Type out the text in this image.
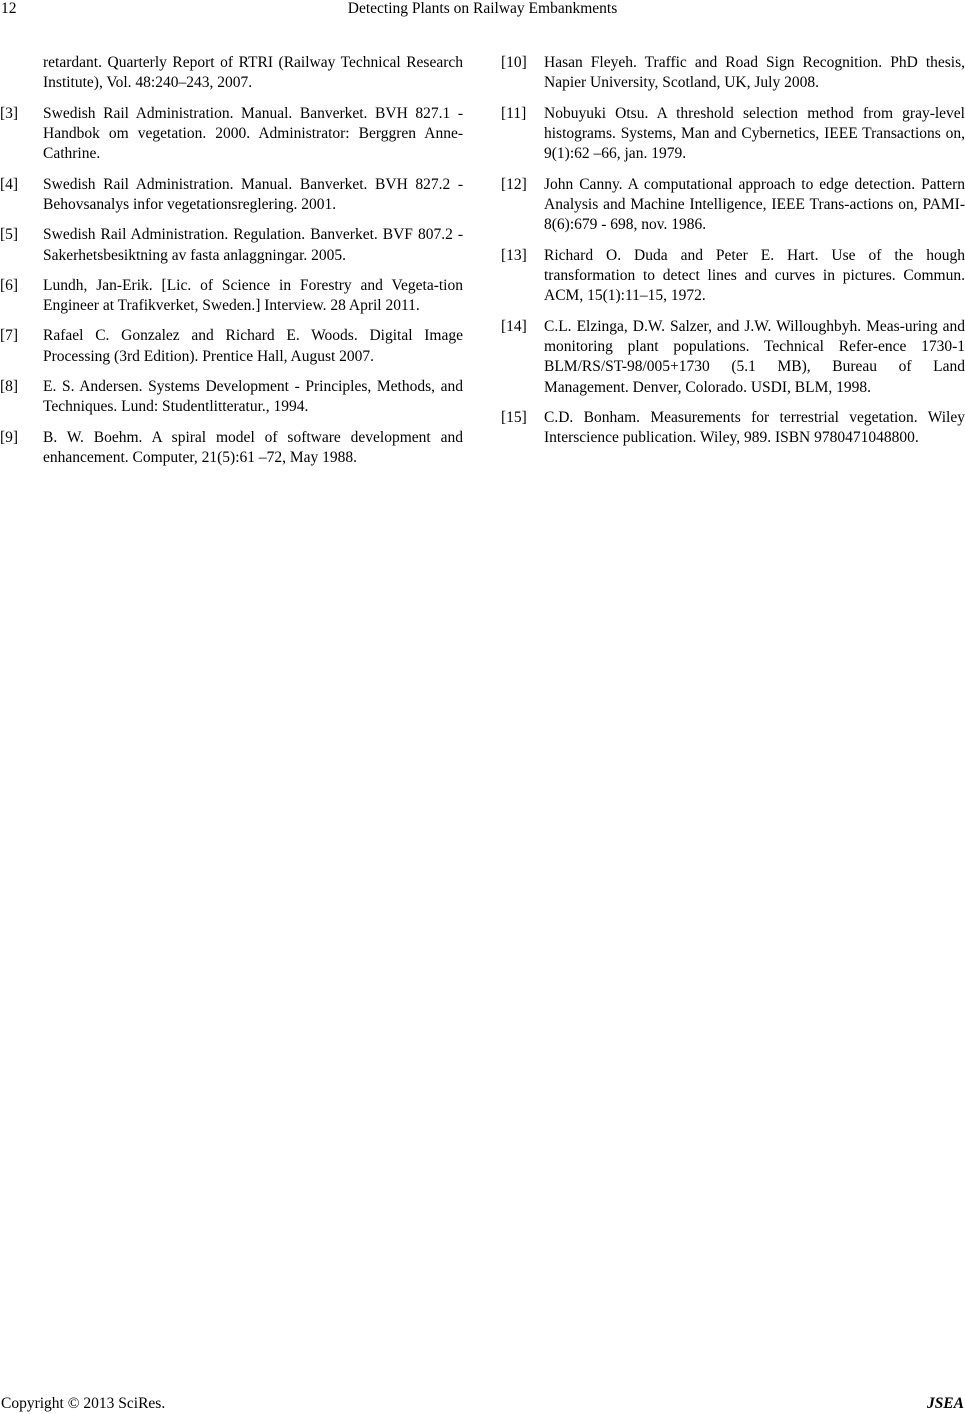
12	Detecting Plants on Railway Embankments
retardant. Quarterly Report of RTRI (Railway Technical Research Institute), Vol. 48:240–243, 2007.
[3] Swedish Rail Administration. Manual. Banverket. BVH 827.1 - Handbok om vegetation. 2000. Administrator: Berggren Anne-Cathrine.
[4] Swedish Rail Administration. Manual. Banverket. BVH 827.2 - Behovsanalys infor vegetationsreglering. 2001.
[5] Swedish Rail Administration. Regulation. Banverket. BVF 807.2 - Sakerhetsbesiktning av fasta anlaggningar. 2005.
[6] Lundh, Jan-Erik. [Lic. of Science in Forestry and Vegeta-tion Engineer at Trafikverket, Sweden.] Interview. 28 April 2011.
[7] Rafael C. Gonzalez and Richard E. Woods. Digital Image Processing (3rd Edition). Prentice Hall, August 2007.
[8] E. S. Andersen. Systems Development - Principles, Methods, and Techniques. Lund: Studentlitteratur., 1994.
[9] B. W. Boehm. A spiral model of software development and enhancement. Computer, 21(5):61 –72, May 1988.
[10] Hasan Fleyeh. Traffic and Road Sign Recognition. PhD thesis, Napier University, Scotland, UK, July 2008.
[11] Nobuyuki Otsu. A threshold selection method from gray-level histograms. Systems, Man and Cybernetics, IEEE Transactions on, 9(1):62 –66, jan. 1979.
[12] John Canny. A computational approach to edge detection. Pattern Analysis and Machine Intelligence, IEEE Trans-actions on, PAMI-8(6):679 - 698, nov. 1986.
[13] Richard O. Duda and Peter E. Hart. Use of the hough transformation to detect lines and curves in pictures. Commun. ACM, 15(1):11–15, 1972.
[14] C.L. Elzinga, D.W. Salzer, and J.W. Willoughbyh. Meas-uring and monitoring plant populations. Technical Refer-ence 1730-1 BLM/RS/ST-98/005+1730 (5.1 MB), Bureau of Land Management. Denver, Colorado. USDI, BLM, 1998.
[15] C.D. Bonham. Measurements for terrestrial vegetation. Wiley Interscience publication. Wiley, 989. ISBN 9780471048800.
Copyright © 2013 SciRes.	JSEA
